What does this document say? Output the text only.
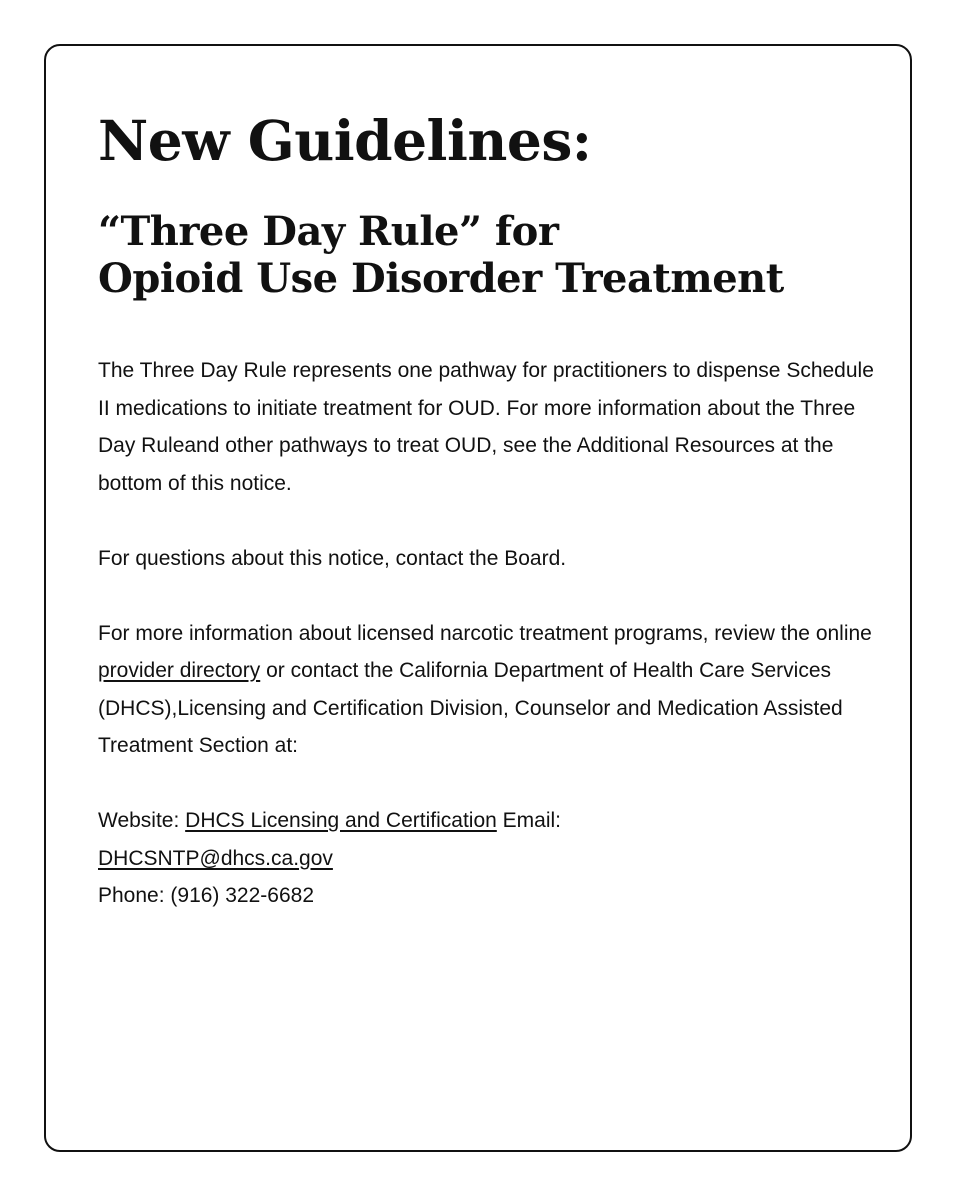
New Guidelines:
“Three Day Rule” for
Opioid Use Disorder Treatment

The Three Day Rule represents one pathway for practitioners to dispense Schedule II medications to initiate treatment for OUD. For more information about the Three Day Ruleand other pathways to treat OUD, see the Additional Resources at the bottom of this notice.

For questions about this notice, contact the Board.

For more information about licensed narcotic treatment programs, review the online provider directory or contact the California Department of Health Care Services (DHCS),Licensing and Certification Division, Counselor and Medication Assisted Treatment Section at:

Website: DHCS Licensing and Certification Email:
DHCSNTP@dhcs.ca.gov
Phone: (916) 322-6682
